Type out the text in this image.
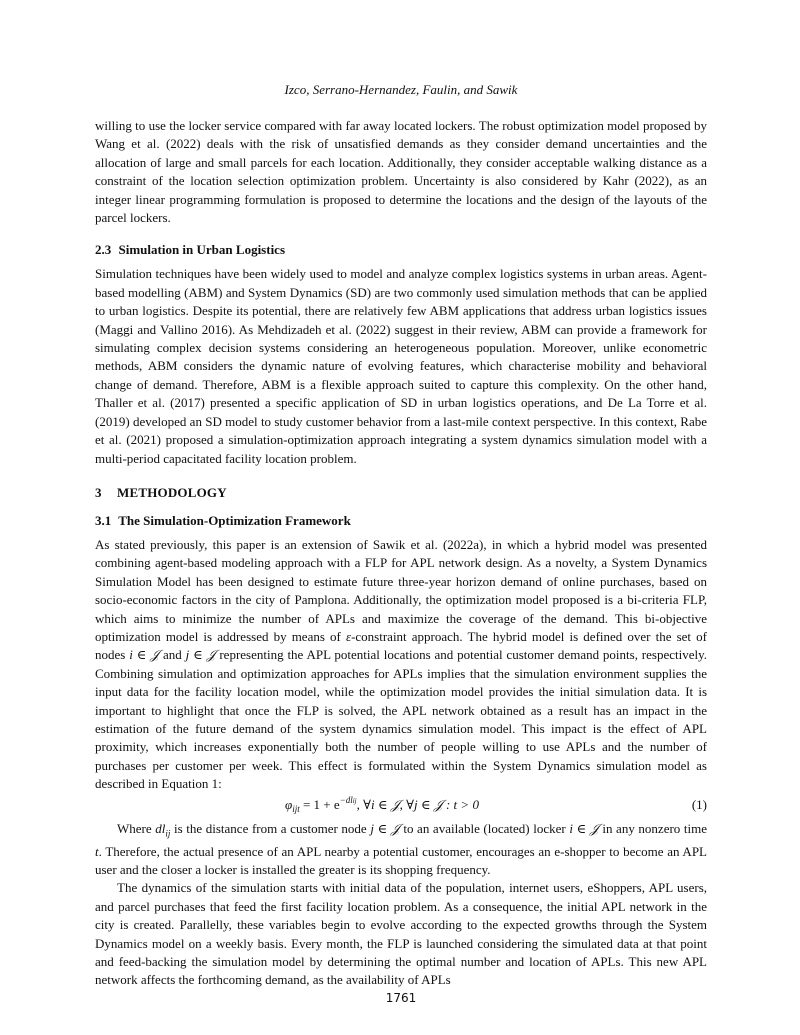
Izco, Serrano-Hernandez, Faulin, and Sawik

willing to use the locker service compared with far away located lockers. The robust optimization model proposed by Wang et al. (2022) deals with the risk of unsatisfied demands as they consider demand uncertainties and the allocation of large and small parcels for each location. Additionally, they consider acceptable walking distance as a constraint of the location selection optimization problem. Uncertainty is also considered by Kahr (2022), as an integer linear programming formulation is proposed to determine the locations and the design of the layouts of the parcel lockers.

2.3 Simulation in Urban Logistics

Simulation techniques have been widely used to model and analyze complex logistics systems in urban areas. Agent-based modelling (ABM) and System Dynamics (SD) are two commonly used simulation methods that can be applied to urban logistics. Despite its potential, there are relatively few ABM applications that address urban logistics issues (Maggi and Vallino 2016). As Mehdizadeh et al. (2022) suggest in their review, ABM can provide a framework for simulating complex decision systems considering an heterogeneous population. Moreover, unlike econometric methods, ABM considers the dynamic nature of evolving features, which characterise mobility and behavioral change of demand. Therefore, ABM is a flexible approach suited to capture this complexity. On the other hand, Thaller et al. (2017) presented a specific application of SD in urban logistics operations, and De La Torre et al. (2019) developed an SD model to study customer behavior from a last-mile context perspective. In this context, Rabe et al. (2021) proposed a simulation-optimization approach integrating a system dynamics simulation model with a multi-period capacitated facility location problem.

3 METHODOLOGY
3.1 The Simulation-Optimization Framework

As stated previously, this paper is an extension of Sawik et al. (2022a), in which a hybrid model was presented combining agent-based modeling approach with a FLP for APL network design. As a novelty, a System Dynamics Simulation Model has been designed to estimate future three-year horizon demand of online purchases, based on socio-economic factors in the city of Pamplona. Additionally, the optimization model proposed is a bi-criteria FLP, which aims to minimize the number of APLs and maximize the coverage of the demand. This bi-objective optimization model is addressed by means of ε-constraint approach. The hybrid model is defined over the set of nodes i ∈ 𝒥 and j ∈ 𝒥 representing the APL potential locations and potential customer demand points, respectively. Combining simulation and optimization approaches for APLs implies that the simulation environment supplies the input data for the facility location model, while the optimization model provides the initial simulation data. It is important to highlight that once the FLP is solved, the APL network obtained as a result has an impact in the estimation of the future demand of the system dynamics simulation model. This impact is the effect of APL proximity, which increases exponentially both the number of people willing to use APLs and the number of purchases per customer per week. This effect is formulated within the System Dynamics simulation model as described in Equation 1:

$\varphi_{ijt} = 1 + e^{-dlij}$, ∀i ∈ 𝒥, ∀j ∈ 𝒥 : t > 0	(1)

Where $dl_{ij}$ is the distance from a customer node j ∈ 𝒥 to an available (located) locker i ∈ 𝒥 in any nonzero time t. Therefore, the actual presence of an APL nearby a potential customer, encourages an e-shopper to become an APL user and the closer a locker is installed the greater is its shopping frequency.

The dynamics of the simulation starts with initial data of the population, internet users, eShoppers, APL users, and parcel purchases that feed the first facility location problem. As a consequence, the initial APL network in the city is created. Parallelly, these variables begin to evolve according to the expected growths through the System Dynamics model on a weekly basis. Every month, the FLP is launched considering the simulated data at that point and feed-backing the simulation model by determining the optimal number and location of APLs. This new APL network affects the forthcoming demand, as the availability of APLs

1761
